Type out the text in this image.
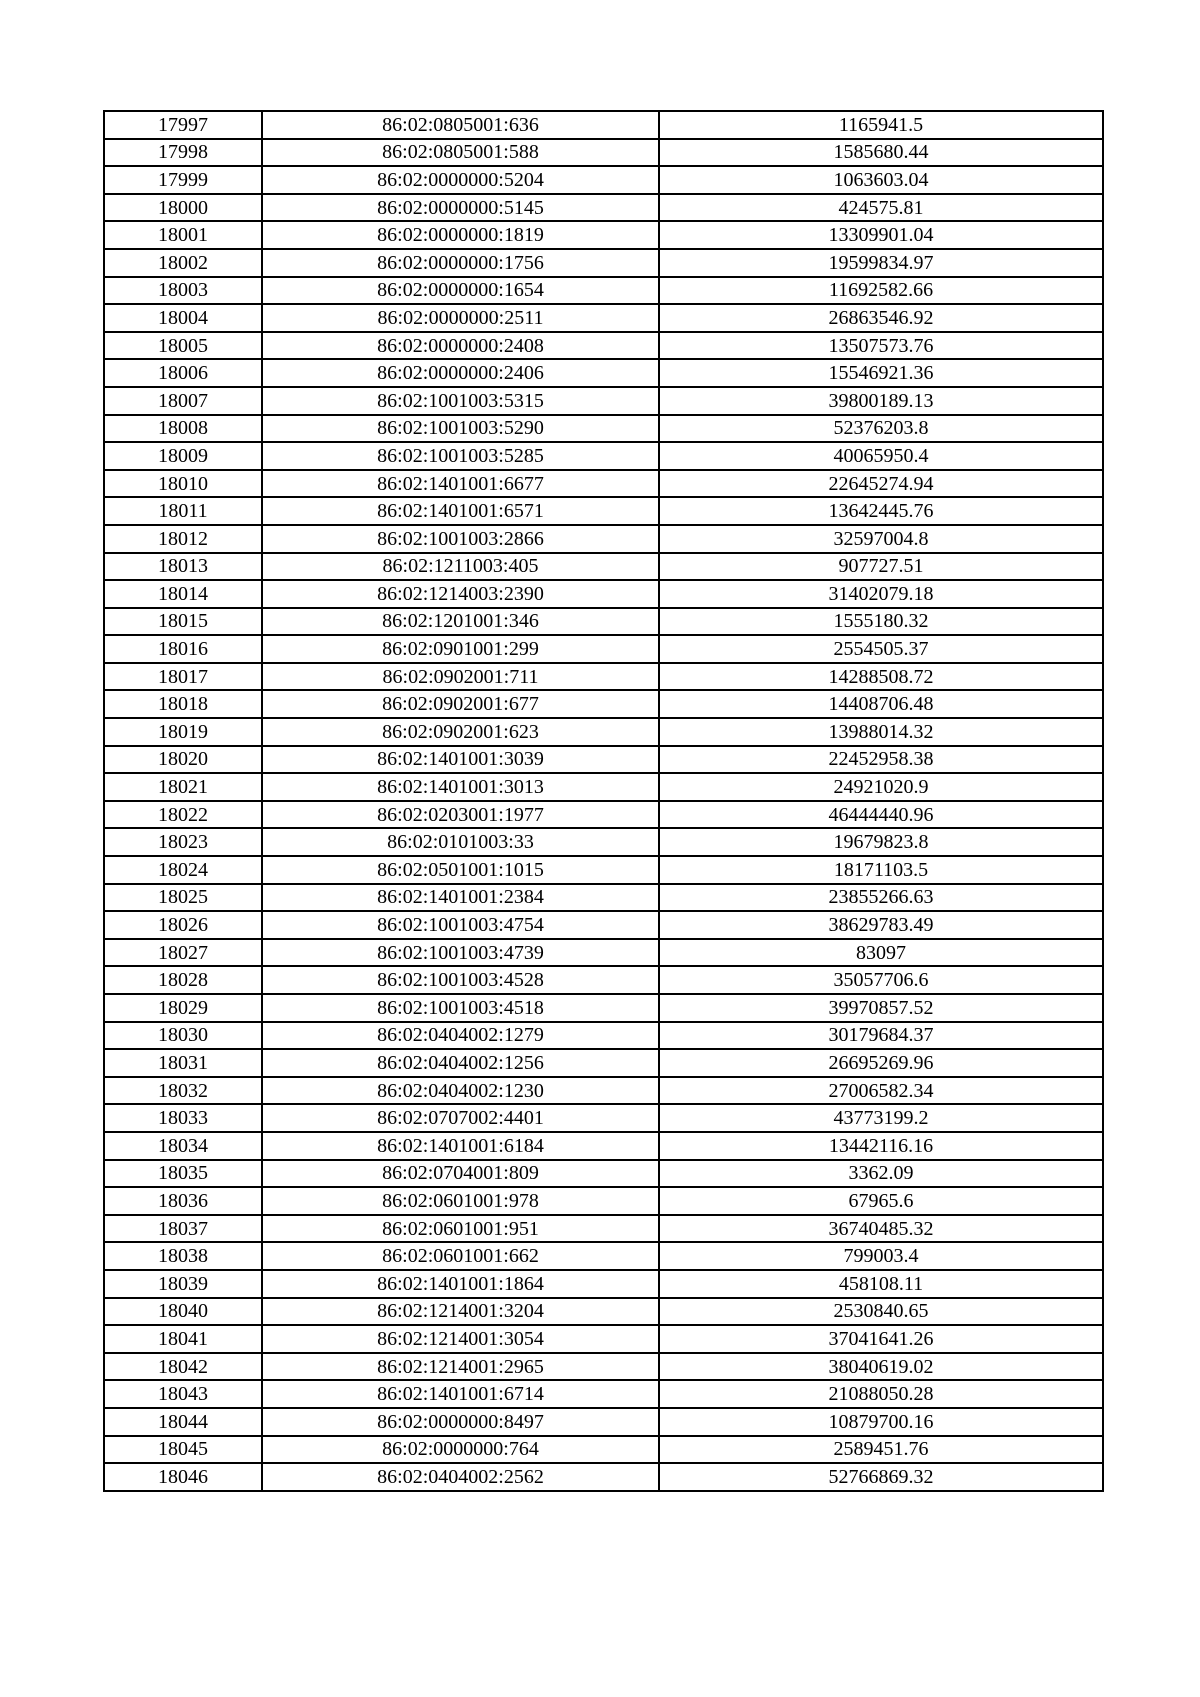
17997	86:02:0805001:636	1165941.5
17998	86:02:0805001:588	1585680.44
17999	86:02:0000000:5204	1063603.04
18000	86:02:0000000:5145	424575.81
18001	86:02:0000000:1819	13309901.04
18002	86:02:0000000:1756	19599834.97
18003	86:02:0000000:1654	11692582.66
18004	86:02:0000000:2511	26863546.92
18005	86:02:0000000:2408	13507573.76
18006	86:02:0000000:2406	15546921.36
18007	86:02:1001003:5315	39800189.13
18008	86:02:1001003:5290	52376203.8
18009	86:02:1001003:5285	40065950.4
18010	86:02:1401001:6677	22645274.94
18011	86:02:1401001:6571	13642445.76
18012	86:02:1001003:2866	32597004.8
18013	86:02:1211003:405	907727.51
18014	86:02:1214003:2390	31402079.18
18015	86:02:1201001:346	1555180.32
18016	86:02:0901001:299	2554505.37
18017	86:02:0902001:711	14288508.72
18018	86:02:0902001:677	14408706.48
18019	86:02:0902001:623	13988014.32
18020	86:02:1401001:3039	22452958.38
18021	86:02:1401001:3013	24921020.9
18022	86:02:0203001:1977	46444440.96
18023	86:02:0101003:33	19679823.8
18024	86:02:0501001:1015	18171103.5
18025	86:02:1401001:2384	23855266.63
18026	86:02:1001003:4754	38629783.49
18027	86:02:1001003:4739	83097
18028	86:02:1001003:4528	35057706.6
18029	86:02:1001003:4518	39970857.52
18030	86:02:0404002:1279	30179684.37
18031	86:02:0404002:1256	26695269.96
18032	86:02:0404002:1230	27006582.34
18033	86:02:0707002:4401	43773199.2
18034	86:02:1401001:6184	13442116.16
18035	86:02:0704001:809	3362.09
18036	86:02:0601001:978	67965.6
18037	86:02:0601001:951	36740485.32
18038	86:02:0601001:662	799003.4
18039	86:02:1401001:1864	458108.11
18040	86:02:1214001:3204	2530840.65
18041	86:02:1214001:3054	37041641.26
18042	86:02:1214001:2965	38040619.02
18043	86:02:1401001:6714	21088050.28
18044	86:02:0000000:8497	10879700.16
18045	86:02:0000000:764	2589451.76
18046	86:02:0404002:2562	52766869.32
